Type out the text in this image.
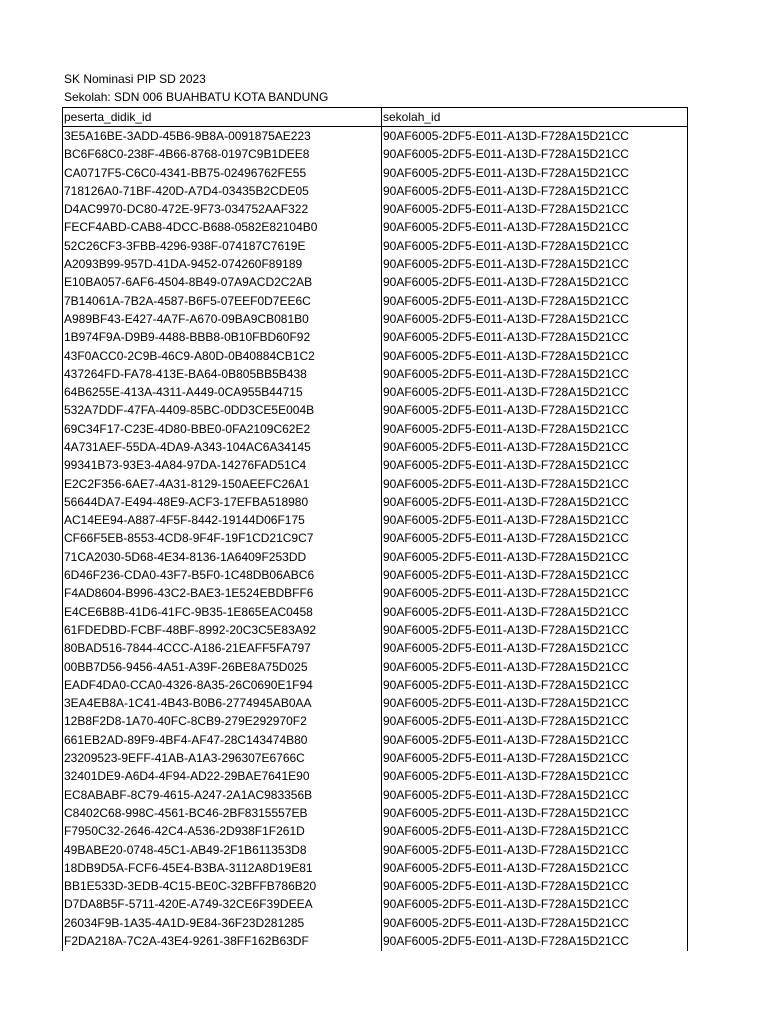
SK Nominasi PIP SD 2023
Sekolah: SDN 006 BUAHBATU KOTA BANDUNG
peserta_didik_id	sekolah_id
3E5A16BE-3ADD-45B6-9B8A-0091875AE223	90AF6005-2DF5-E011-A13D-F728A15D21CC
BC6F68C0-238F-4B66-8768-0197C9B1DEE8	90AF6005-2DF5-E011-A13D-F728A15D21CC
CA0717F5-C6C0-4341-BB75-02496762FE55	90AF6005-2DF5-E011-A13D-F728A15D21CC
718126A0-71BF-420D-A7D4-03435B2CDE05	90AF6005-2DF5-E011-A13D-F728A15D21CC
D4AC9970-DC80-472E-9F73-034752AAF322	90AF6005-2DF5-E011-A13D-F728A15D21CC
FECF4ABD-CAB8-4DCC-B688-0582E82104B0	90AF6005-2DF5-E011-A13D-F728A15D21CC
52C26CF3-3FBB-4296-938F-074187C7619E	90AF6005-2DF5-E011-A13D-F728A15D21CC
A2093B99-957D-41DA-9452-074260F89189	90AF6005-2DF5-E011-A13D-F728A15D21CC
E10BA057-6AF6-4504-8B49-07A9ACD2C2AB	90AF6005-2DF5-E011-A13D-F728A15D21CC
7B14061A-7B2A-4587-B6F5-07EEF0D7EE6C	90AF6005-2DF5-E011-A13D-F728A15D21CC
A989BF43-E427-4A7F-A670-09BA9CB081B0	90AF6005-2DF5-E011-A13D-F728A15D21CC
1B974F9A-D9B9-4488-BBB8-0B10FBD60F92	90AF6005-2DF5-E011-A13D-F728A15D21CC
43F0ACC0-2C9B-46C9-A80D-0B40884CB1C2	90AF6005-2DF5-E011-A13D-F728A15D21CC
437264FD-FA78-413E-BA64-0B805BB5B438	90AF6005-2DF5-E011-A13D-F728A15D21CC
64B6255E-413A-4311-A449-0CA955B44715	90AF6005-2DF5-E011-A13D-F728A15D21CC
532A7DDF-47FA-4409-85BC-0DD3CE5E004B	90AF6005-2DF5-E011-A13D-F728A15D21CC
69C34F17-C23E-4D80-BBE0-0FA2109C62E2	90AF6005-2DF5-E011-A13D-F728A15D21CC
4A731AEF-55DA-4DA9-A343-104AC6A34145	90AF6005-2DF5-E011-A13D-F728A15D21CC
99341B73-93E3-4A84-97DA-14276FAD51C4	90AF6005-2DF5-E011-A13D-F728A15D21CC
E2C2F356-6AE7-4A31-8129-150AEEFC26A1	90AF6005-2DF5-E011-A13D-F728A15D21CC
56644DA7-E494-48E9-ACF3-17EFBA518980	90AF6005-2DF5-E011-A13D-F728A15D21CC
AC14EE94-A887-4F5F-8442-19144D06F175	90AF6005-2DF5-E011-A13D-F728A15D21CC
CF66F5EB-8553-4CD8-9F4F-19F1CD21C9C7	90AF6005-2DF5-E011-A13D-F728A15D21CC
71CA2030-5D68-4E34-8136-1A6409F253DD	90AF6005-2DF5-E011-A13D-F728A15D21CC
6D46F236-CDA0-43F7-B5F0-1C48DB06ABC6	90AF6005-2DF5-E011-A13D-F728A15D21CC
F4AD8604-B996-43C2-BAE3-1E524EBDBFF6	90AF6005-2DF5-E011-A13D-F728A15D21CC
E4CE6B8B-41D6-41FC-9B35-1E865EAC0458	90AF6005-2DF5-E011-A13D-F728A15D21CC
61FDEDBD-FCBF-48BF-8992-20C3C5E83A92	90AF6005-2DF5-E011-A13D-F728A15D21CC
80BAD516-7844-4CCC-A186-21EAFF5FA797	90AF6005-2DF5-E011-A13D-F728A15D21CC
00BB7D56-9456-4A51-A39F-26BE8A75D025	90AF6005-2DF5-E011-A13D-F728A15D21CC
EADF4DA0-CCA0-4326-8A35-26C0690E1F94	90AF6005-2DF5-E011-A13D-F728A15D21CC
3EA4EB8A-1C41-4B43-B0B6-2774945AB0AA	90AF6005-2DF5-E011-A13D-F728A15D21CC
12B8F2D8-1A70-40FC-8CB9-279E292970F2	90AF6005-2DF5-E011-A13D-F728A15D21CC
661EB2AD-89F9-4BF4-AF47-28C143474B80	90AF6005-2DF5-E011-A13D-F728A15D21CC
23209523-9EFF-41AB-A1A3-296307E6766C	90AF6005-2DF5-E011-A13D-F728A15D21CC
32401DE9-A6D4-4F94-AD22-29BAE7641E90	90AF6005-2DF5-E011-A13D-F728A15D21CC
EC8ABABF-8C79-4615-A247-2A1AC983356B	90AF6005-2DF5-E011-A13D-F728A15D21CC
C8402C68-998C-4561-BC46-2BF8315557EB	90AF6005-2DF5-E011-A13D-F728A15D21CC
F7950C32-2646-42C4-A536-2D938F1F261D	90AF6005-2DF5-E011-A13D-F728A15D21CC
49BABE20-0748-45C1-AB49-2F1B611353D8	90AF6005-2DF5-E011-A13D-F728A15D21CC
18DB9D5A-FCF6-45E4-B3BA-3112A8D19E81	90AF6005-2DF5-E011-A13D-F728A15D21CC
BB1E533D-3EDB-4C15-BE0C-32BFFB786B20	90AF6005-2DF5-E011-A13D-F728A15D21CC
D7DA8B5F-5711-420E-A749-32CE6F39DEEA	90AF6005-2DF5-E011-A13D-F728A15D21CC
26034F9B-1A35-4A1D-9E84-36F23D281285	90AF6005-2DF5-E011-A13D-F728A15D21CC
F2DA218A-7C2A-43E4-9261-38FF162B63DF	90AF6005-2DF5-E011-A13D-F728A15D21CC
